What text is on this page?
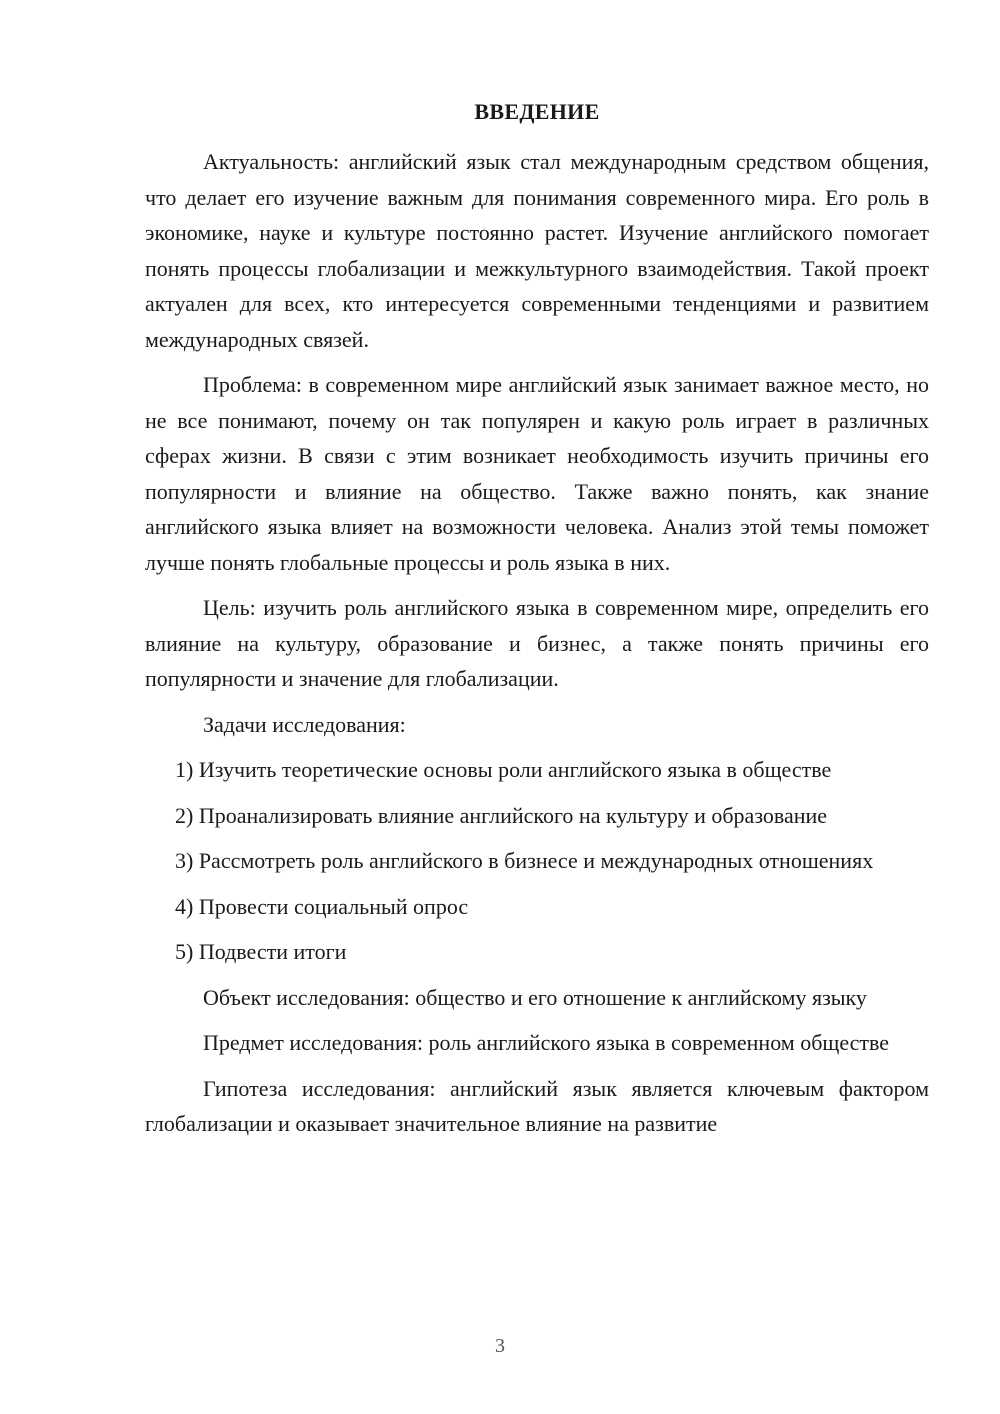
ВВЕДЕНИЕ

Актуальность: английский язык стал международным средством общения, что делает его изучение важным для понимания современного мира. Его роль в экономике, науке и культуре постоянно растет. Изучение английского помогает понять процессы глобализации и межкультурного взаимодействия. Такой проект актуален для всех, кто интересуется современными тенденциями и развитием международных связей.

Проблема: в современном мире английский язык занимает важное место, но не все понимают, почему он так популярен и какую роль играет в различных сферах жизни. В связи с этим возникает необходимость изучить причины его популярности и влияние на общество. Также важно понять, как знание английского языка влияет на возможности человека. Анализ этой темы поможет лучше понять глобальные процессы и роль языка в них.

Цель: изучить роль английского языка в современном мире, определить его влияние на культуру, образование и бизнес, а также понять причины его популярности и значение для глобализации.

Задачи исследования:

1) Изучить теоретические основы роли английского языка в обществе

2) Проанализировать влияние английского на культуру и образование

3) Рассмотреть роль английского в бизнесе и международных отношениях

4) Провести социальный опрос

5) Подвести итоги

Объект исследования: общество и его отношение к английскому языку

Предмет исследования: роль английского языка в современном обществе

Гипотеза исследования: английский язык является ключевым фактором глобализации и оказывает значительное влияние на развитие

3
